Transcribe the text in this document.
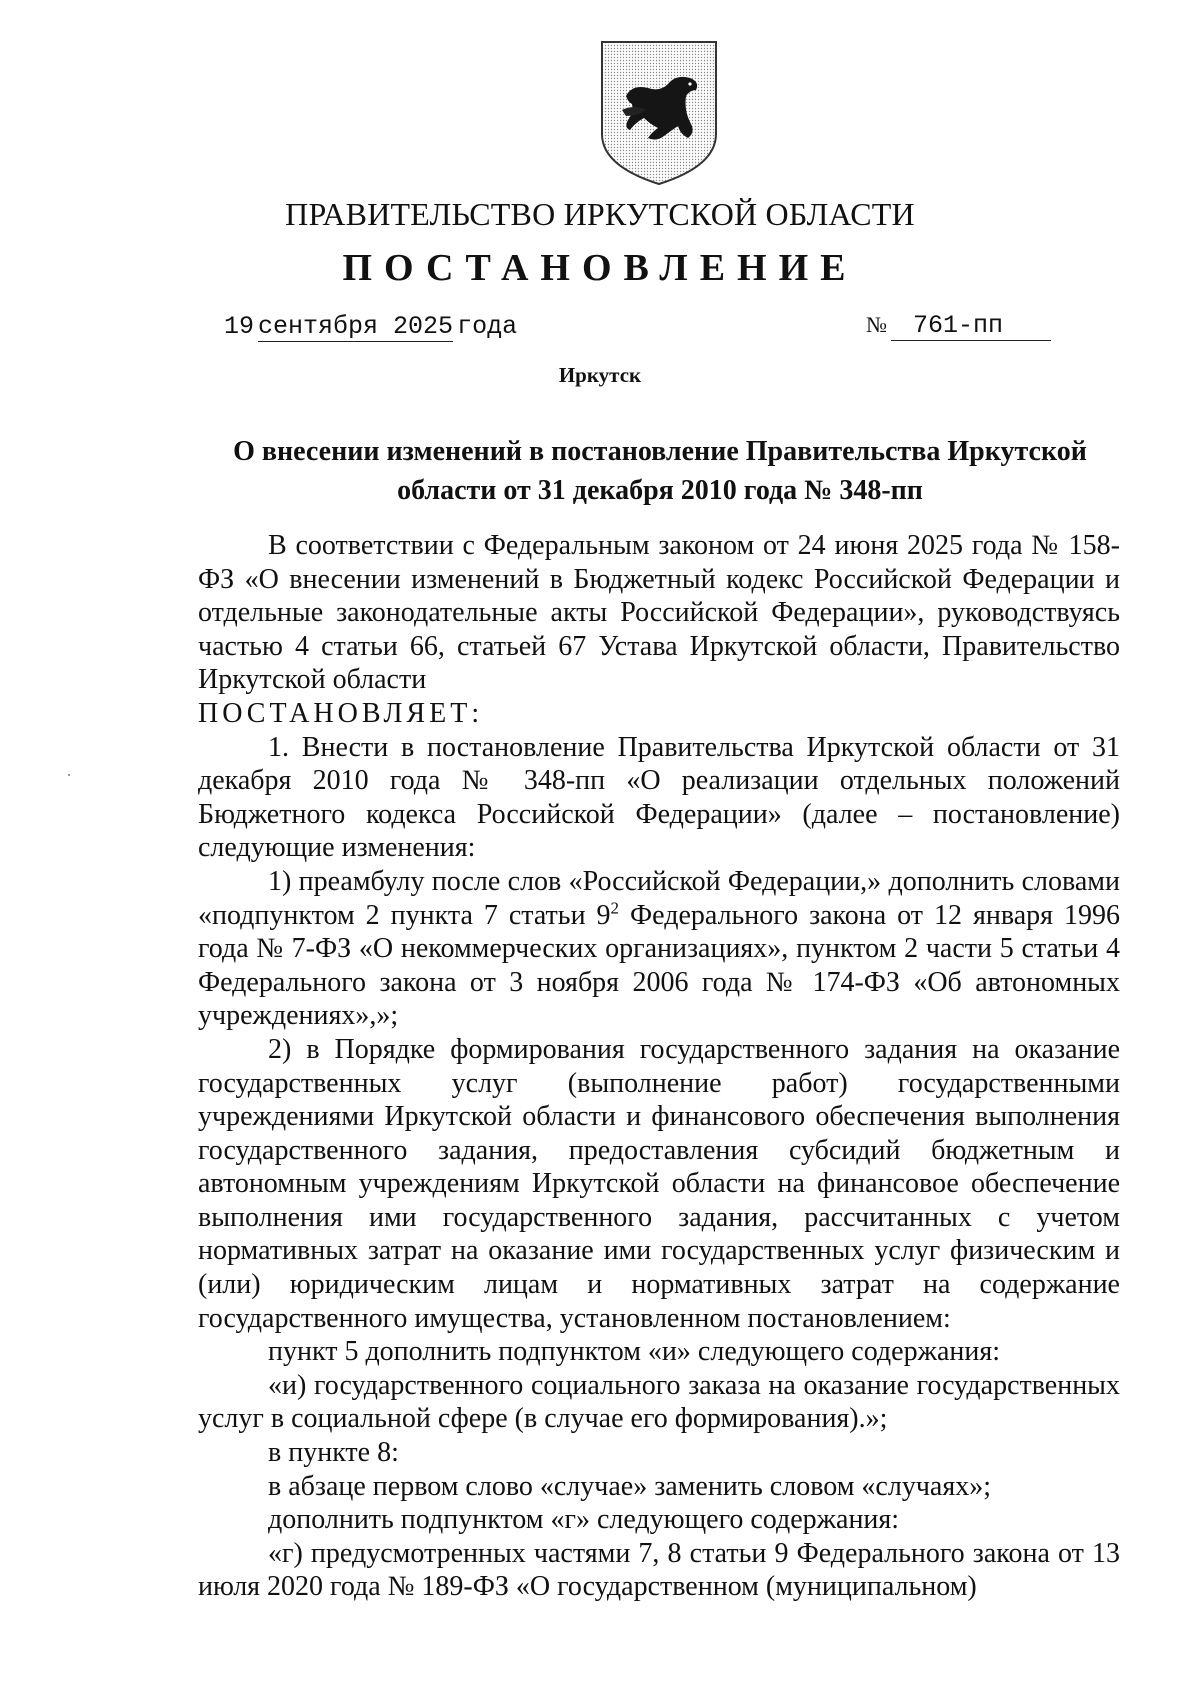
ПРАВИТЕЛЬСТВО ИРКУТСКОЙ ОБЛАСТИ
ПОСТАНОВЛЕНИЕ
19 сентября 2025 года	№ 761-пп
Иркутск
О внесении изменений в постановление Правительства Иркутской
области от 31 декабря 2010 года № 348-пп

В соответствии с Федеральным законом от 24 июня 2025 года № 158-ФЗ «О внесении изменений в Бюджетный кодекс Российской Федерации и отдельные законодательные акты Российской Федерации», руководствуясь частью 4 статьи 66, статьей 67 Устава Иркутской области, Правительство Иркутской области

ПОСТАНОВЛЯЕТ:

1. Внести в постановление Правительства Иркутской области от 31 декабря 2010 года № 348-пп «О реализации отдельных положений Бюджетного кодекса Российской Федерации» (далее – постановление) следующие изменения:

1) преамбулу после слов «Российской Федерации,» дополнить словами «подпунктом 2 пункта 7 статьи $9^2$ Федерального закона от 12 января 1996 года № 7-ФЗ «О некоммерческих организациях», пунктом 2 части 5 статьи 4 Федерального закона от 3 ноября 2006 года № 174-ФЗ «Об автономных учреждениях»,»;

2) в Порядке формирования государственного задания на оказание государственных услуг (выполнение работ) государственными учреждениями Иркутской области и финансового обеспечения выполнения государственного задания, предоставления субсидий бюджетным и автономным учреждениям Иркутской области на финансовое обеспечение выполнения ими государственного задания, рассчитанных с учетом нормативных затрат на оказание ими государственных услуг физическим и (или) юридическим лицам и нормативных затрат на содержание государственного имущества, установленном постановлением:

пункт 5 дополнить подпунктом «и» следующего содержания:

«и) государственного социального заказа на оказание государственных услуг в социальной сфере (в случае его формирования).»;

в пункте 8:

в абзаце первом слово «случае» заменить словом «случаях»;

дополнить подпунктом «г» следующего содержания:

«г) предусмотренных частями 7, 8 статьи 9 Федерального закона от 13 июля 2020 года № 189-ФЗ «О государственном (муниципальном)
